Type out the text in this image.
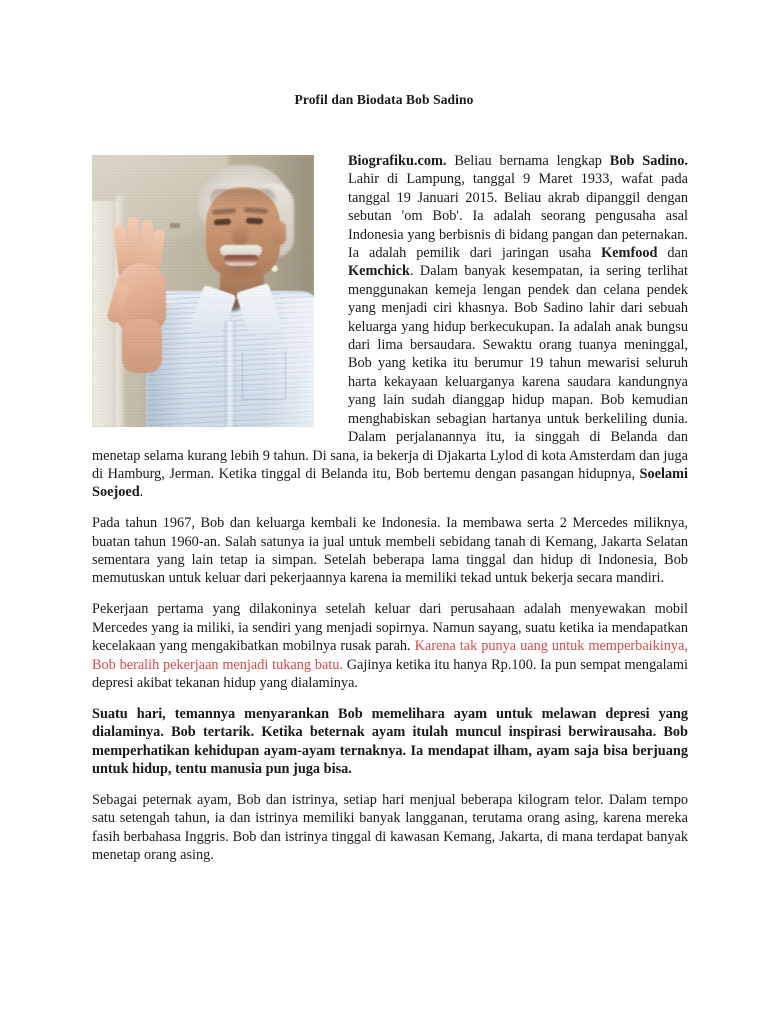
Profil dan Biodata Bob Sadino

Biografiku.com. Beliau bernama lengkap Bob Sadino. Lahir di Lampung, tanggal 9 Maret 1933, wafat pada tanggal 19 Januari 2015. Beliau akrab dipanggil dengan sebutan 'om Bob'. Ia adalah seorang pengusaha asal Indonesia yang berbisnis di bidang pangan dan peternakan. Ia adalah pemilik dari jaringan usaha Kemfood dan Kemchick. Dalam banyak kesempatan, ia sering terlihat menggunakan kemeja lengan pendek dan celana pendek yang menjadi ciri khasnya. Bob Sadino lahir dari sebuah keluarga yang hidup berkecukupan. Ia adalah anak bungsu dari lima bersaudara. Sewaktu orang tuanya meninggal, Bob yang ketika itu berumur 19 tahun mewarisi seluruh harta kekayaan keluarganya karena saudara kandungnya yang lain sudah dianggap hidup mapan. Bob kemudian menghabiskan sebagian hartanya untuk berkeliling dunia. Dalam perjalanannya itu, ia singgah di Belanda dan menetap selama kurang lebih 9 tahun. Di sana, ia bekerja di Djakarta Lylod di kota Amsterdam dan juga di Hamburg, Jerman. Ketika tinggal di Belanda itu, Bob bertemu dengan pasangan hidupnya, Soelami Soejoed.

Pada tahun 1967, Bob dan keluarga kembali ke Indonesia. Ia membawa serta 2 Mercedes miliknya, buatan tahun 1960-an. Salah satunya ia jual untuk membeli sebidang tanah di Kemang, Jakarta Selatan sementara yang lain tetap ia simpan. Setelah beberapa lama tinggal dan hidup di Indonesia, Bob memutuskan untuk keluar dari pekerjaannya karena ia memiliki tekad untuk bekerja secara mandiri.

Pekerjaan pertama yang dilakoninya setelah keluar dari perusahaan adalah menyewakan mobil Mercedes yang ia miliki, ia sendiri yang menjadi sopirnya. Namun sayang, suatu ketika ia mendapatkan kecelakaan yang mengakibatkan mobilnya rusak parah. Karena tak punya uang untuk memperbaikinya, Bob beralih pekerjaan menjadi tukang batu. Gajinya ketika itu hanya Rp.100. Ia pun sempat mengalami depresi akibat tekanan hidup yang dialaminya.

Suatu hari, temannya menyarankan Bob memelihara ayam untuk melawan depresi yang dialaminya. Bob tertarik. Ketika beternak ayam itulah muncul inspirasi berwirausaha. Bob memperhatikan kehidupan ayam-ayam ternaknya. Ia mendapat ilham, ayam saja bisa berjuang untuk hidup, tentu manusia pun juga bisa.

Sebagai peternak ayam, Bob dan istrinya, setiap hari menjual beberapa kilogram telor. Dalam tempo satu setengah tahun, ia dan istrinya memiliki banyak langganan, terutama orang asing, karena mereka fasih berbahasa Inggris. Bob dan istrinya tinggal di kawasan Kemang, Jakarta, di mana terdapat banyak menetap orang asing.
